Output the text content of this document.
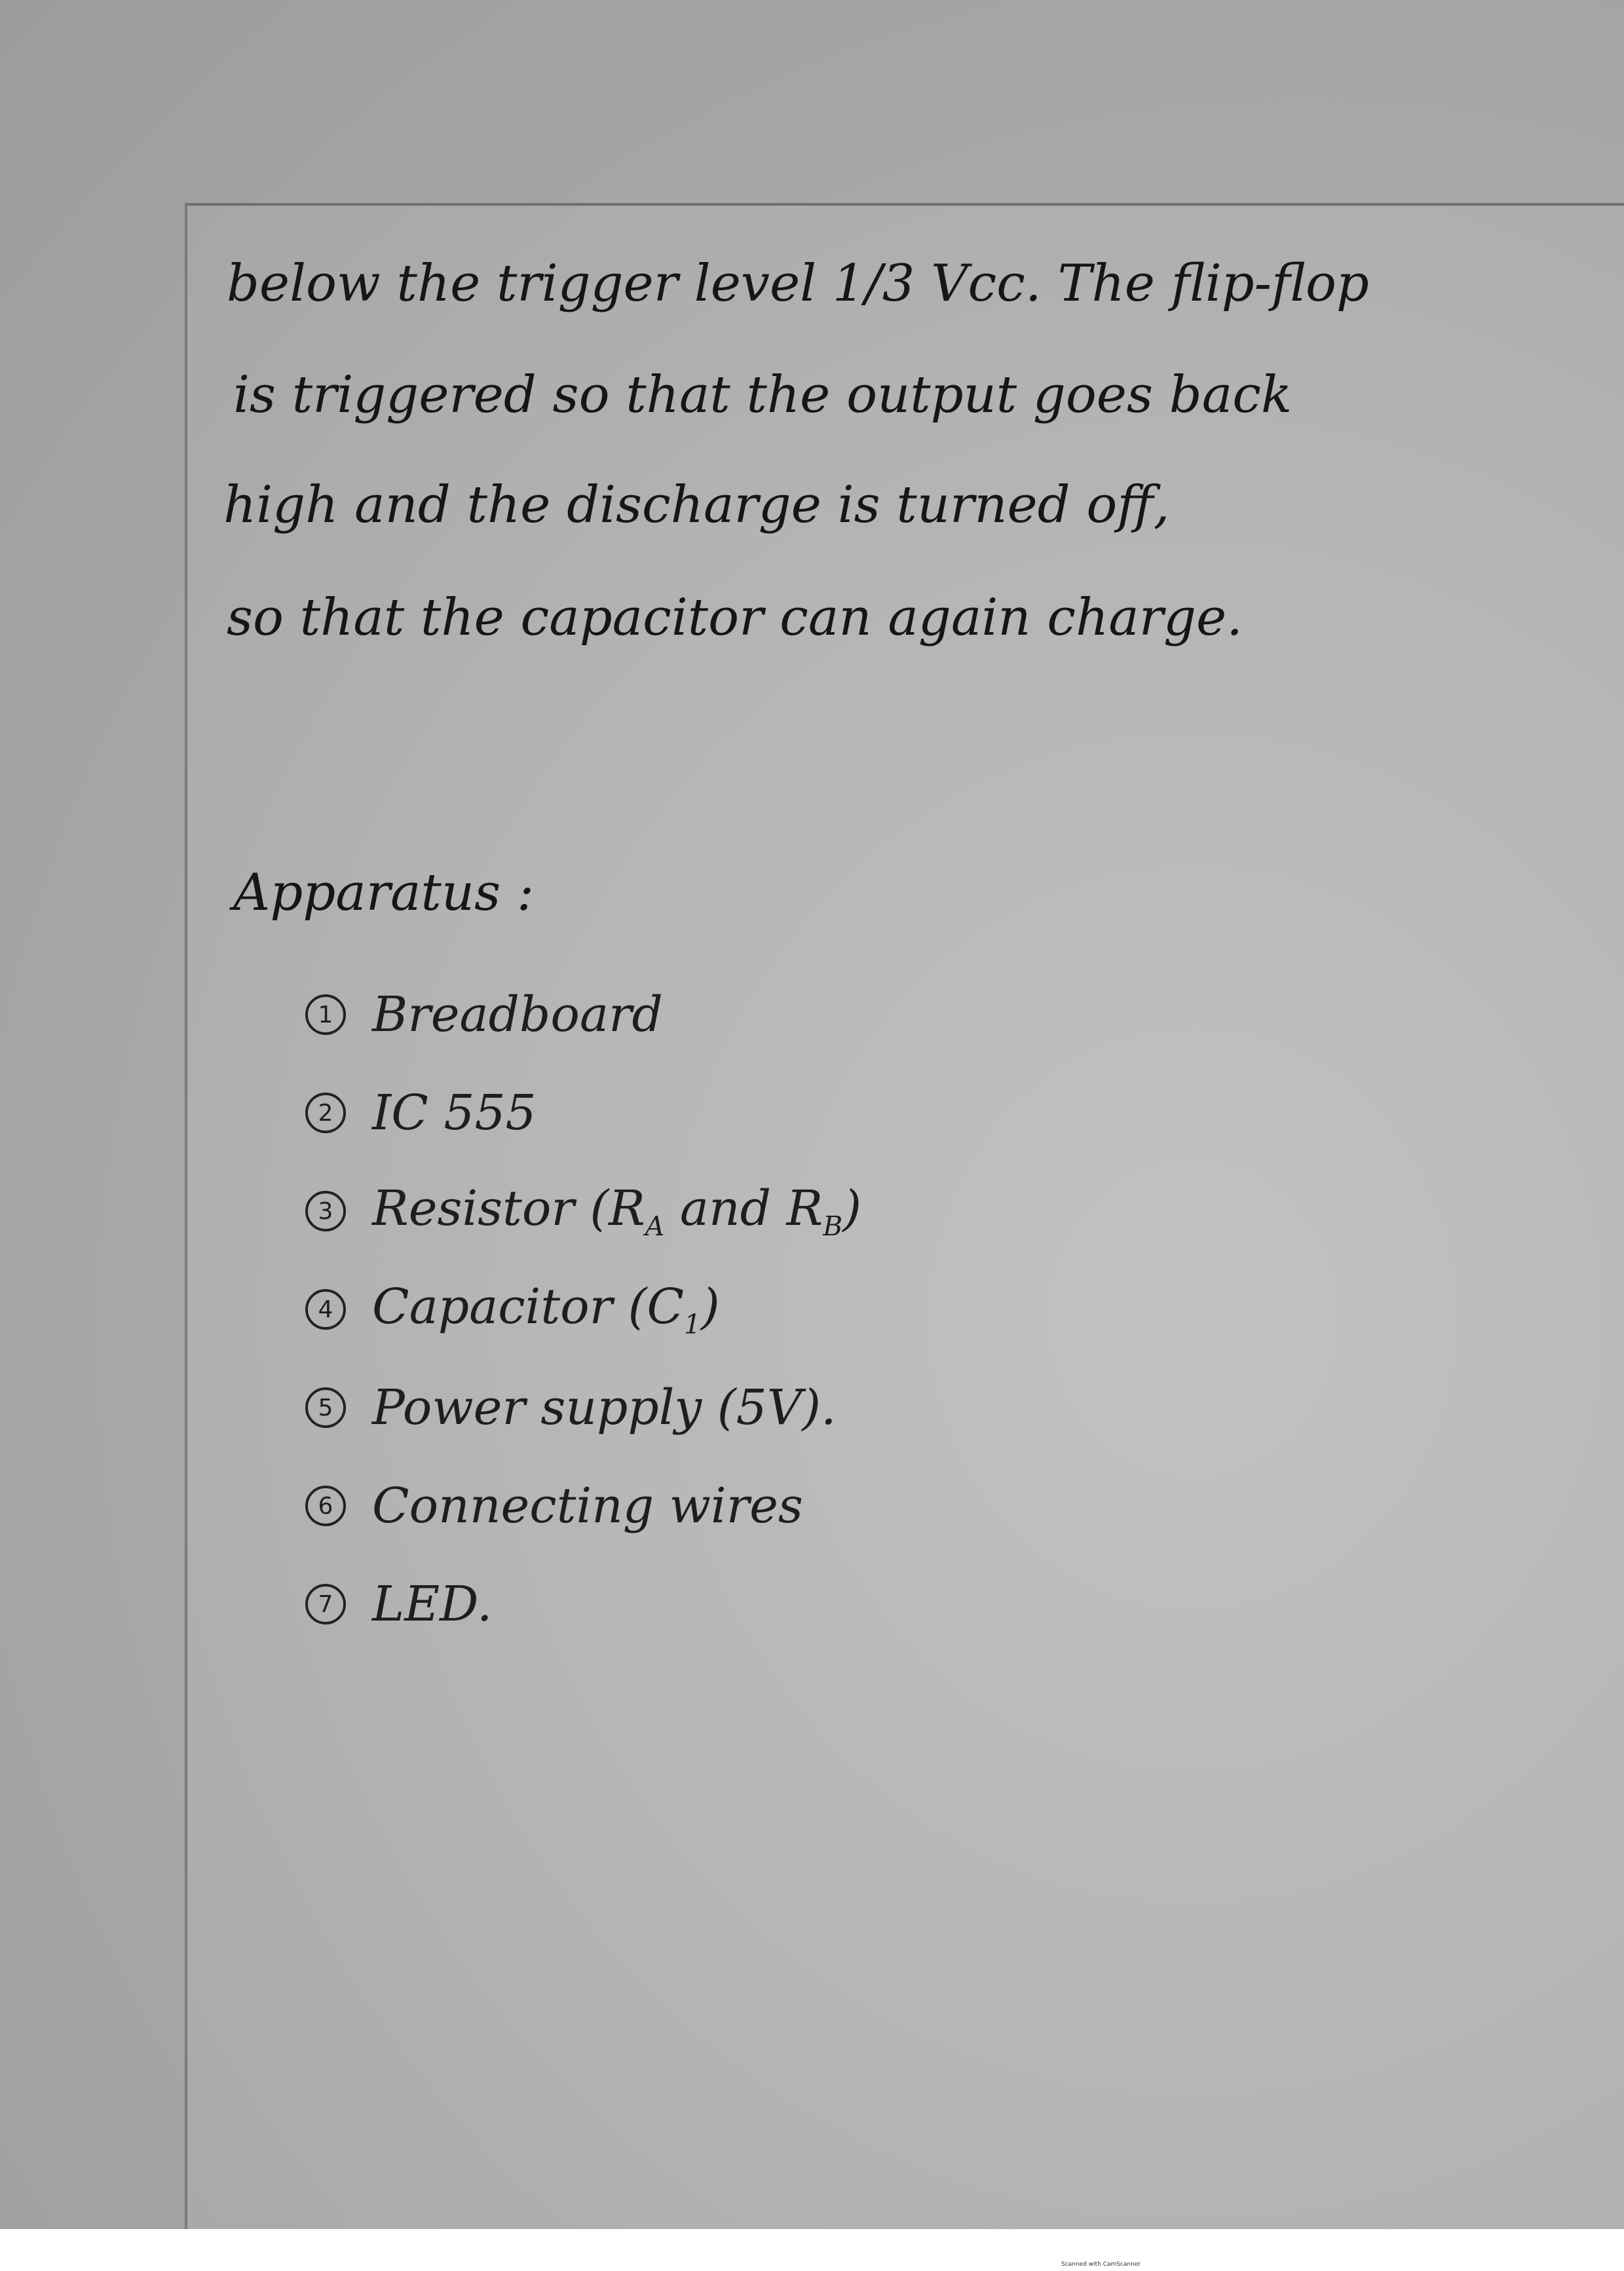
below the trigger level 1/3 Vcc. The flip-flop

is triggered so that the output goes back

high and the discharge is turned off,

so that the capacitor can again charge.

Apparatus :

1 Breadboard
2 IC 555
3 Resistor ($R_A$ and $R_B$)
4 Capacitor $(C_1)$
5 Power supply (5V).
6 Connecting wires
7 LED.
Scanned with CamScanner
